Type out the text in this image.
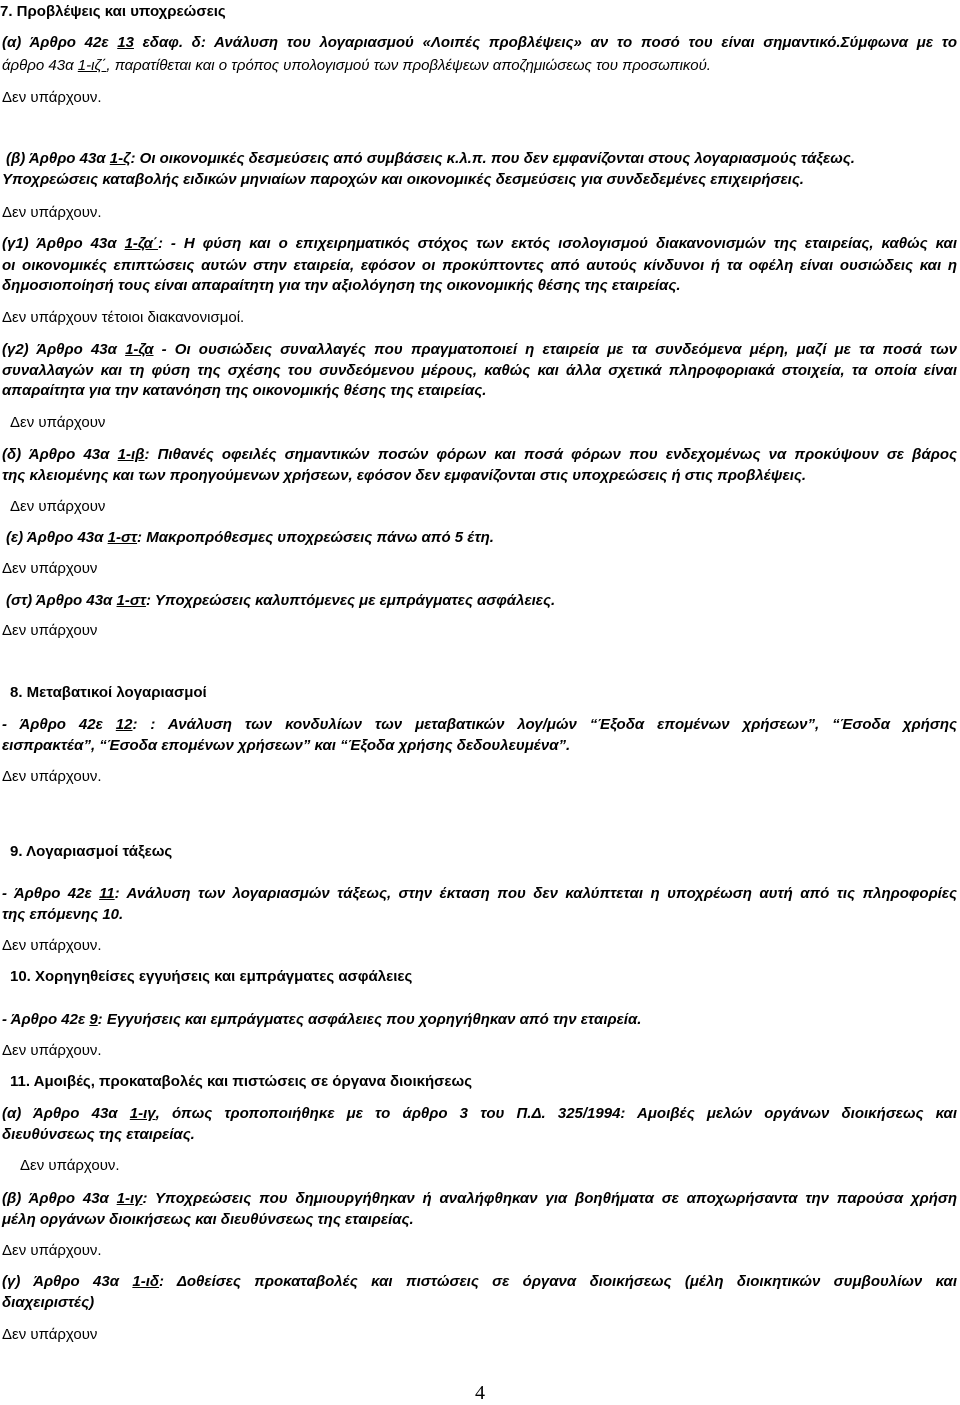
7. Προβλέψεις και υποχρεώσεις
(α) Άρθρο 42ε 13 εδαφ. δ: Ανάλυση του λογαριασμού «Λοιπές προβλέψεις» αν το ποσό του είναι σημαντικό.Σύμφωνα με το
άρθρο 43α 1-ιζ΄, παρατίθεται και ο τρόπος υπολογισμού των προβλέψεων αποζημιώσεως του προσωπικού.
Δεν υπάρχουν.
(β) Άρθρο 43α 1-ζ: Οι οικονομικές δεσμεύσεις από συμβάσεις κ.λ.π. που δεν εμφανίζονται στους λογαριασμούς τάξεως.
Υποχρεώσεις καταβολής ειδικών μηνιαίων παροχών και οικονομικές δεσμεύσεις για συνδεδεμένες επιχειρήσεις.
Δεν υπάρχουν.
(γ1) Άρθρο 43α 1-ζα΄: - Η φύση και ο επιχειρηματικός στόχος των εκτός ισολογισμού διακανονισμών της εταιρείας, καθώς και
οι οικονομικές επιπτώσεις αυτών στην εταιρεία, εφόσον οι προκύπτοντες από αυτούς κίνδυνοι ή τα οφέλη είναι ουσιώδεις και η
δημοσιοποίησή τους είναι απαραίτητη για την αξιολόγηση της οικονομικής θέσης της εταιρείας.
Δεν υπάρχουν τέτοιοι διακανονισμοί.
(γ2) Άρθρο 43α 1-ζα - Οι ουσιώδεις συναλλαγές που πραγματοποιεί η εταιρεία με τα συνδεόμενα μέρη, μαζί με τα ποσά των
συναλλαγών και τη φύση της σχέσης του συνδεόμενου μέρους, καθώς και άλλα σχετικά πληροφοριακά στοιχεία, τα οποία είναι
απαραίτητα για την κατανόηση της οικονομικής θέσης της εταιρείας.
Δεν υπάρχουν
(δ) Άρθρο 43α 1-ιβ: Πιθανές οφειλές σημαντικών ποσών φόρων και ποσά φόρων που ενδεχομένως να προκύψουν σε βάρος
της κλειομένης και των προηγούμενων χρήσεων, εφόσον δεν εμφανίζονται στις υποχρεώσεις ή στις προβλέψεις.
Δεν υπάρχουν
(ε) Άρθρο 43α 1-στ: Μακροπρόθεσμες υποχρεώσεις πάνω από 5 έτη.
Δεν υπάρχουν
(στ) Άρθρο 43α 1-στ: Υποχρεώσεις καλυπτόμενες με εμπράγματες ασφάλειες.
Δεν υπάρχουν
8. Μεταβατικοί λογαριασμοί
- Άρθρο 42ε 12: : Ανάλυση των κονδυλίων των μεταβατικών λογ/μών “Έξοδα επομένων χρήσεων”, “Έσοδα χρήσης
εισπρακτέα”, “Έσοδα επομένων χρήσεων” και “Έξοδα χρήσης δεδουλευμένα”.
Δεν υπάρχουν.
9. Λογαριασμοί τάξεως
- Άρθρο 42ε 11: Ανάλυση των λογαριασμών τάξεως, στην έκταση που δεν καλύπτεται η υποχρέωση αυτή από τις πληροφορίες
της επόμενης 10.
Δεν υπάρχουν.
10. Χορηγηθείσες εγγυήσεις και εμπράγματες ασφάλειες
- Άρθρο 42ε 9: Εγγυήσεις και εμπράγματες ασφάλειες που χορηγήθηκαν από την εταιρεία.
Δεν υπάρχουν.
11. Αμοιβές, προκαταβολές και πιστώσεις σε όργανα διοικήσεως
(α) Άρθρο 43α 1-ιγ, όπως τροποποιήθηκε με το άρθρο 3 του Π.Δ. 325/1994: Αμοιβές μελών οργάνων διοικήσεως και
διευθύνσεως της εταιρείας.
Δεν υπάρχουν.
(β) Άρθρο 43α 1-ιγ: Υποχρεώσεις που δημιουργήθηκαν ή αναλήφθηκαν για βοηθήματα σε αποχωρήσαντα την παρούσα χρήση
μέλη οργάνων διοικήσεως και διευθύνσεως της εταιρείας.
Δεν υπάρχουν.
(γ) Άρθρο 43α 1-ιδ: Δοθείσες προκαταβολές και πιστώσεις σε όργανα διοικήσεως (μέλη διοικητικών συμβουλίων και
διαχειριστές)
Δεν υπάρχουν
4
